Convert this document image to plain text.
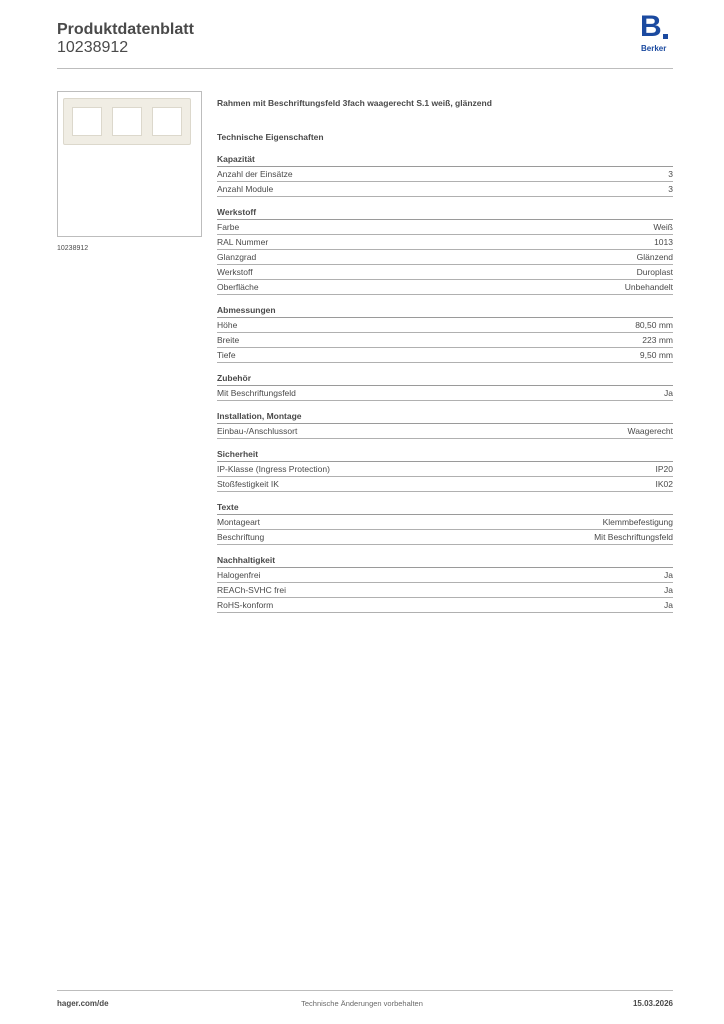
Produktdatenblatt
10238912
B
Berker
10238912
Rahmen mit Beschriftungsfeld 3fach waagerecht S.1 weiß, glänzend
Technische Eigenschaften
Kapazität
Anzahl der Einsätze	3
Anzahl Module	3
Werkstoff
Farbe	Weiß
RAL Nummer	1013
Glanzgrad	Glänzend
Werkstoff	Duroplast
Oberfläche	Unbehandelt
Abmessungen
Höhe	80,50 mm
Breite	223 mm
Tiefe	9,50 mm
Zubehör
Mit Beschriftungsfeld	Ja
Installation, Montage
Einbau-/Anschlussort	Waagerecht
Sicherheit
IP-Klasse (Ingress Protection)	IP20
Stoßfestigkeit IK	IK02
Texte
Montageart	Klemmbefestigung
Beschriftung	Mit Beschriftungsfeld
Nachhaltigkeit
Halogenfrei	Ja
REACh-SVHC frei	Ja
RoHS-konform	Ja
hager.com/de	Technische Änderungen vorbehalten	15.03.2026
